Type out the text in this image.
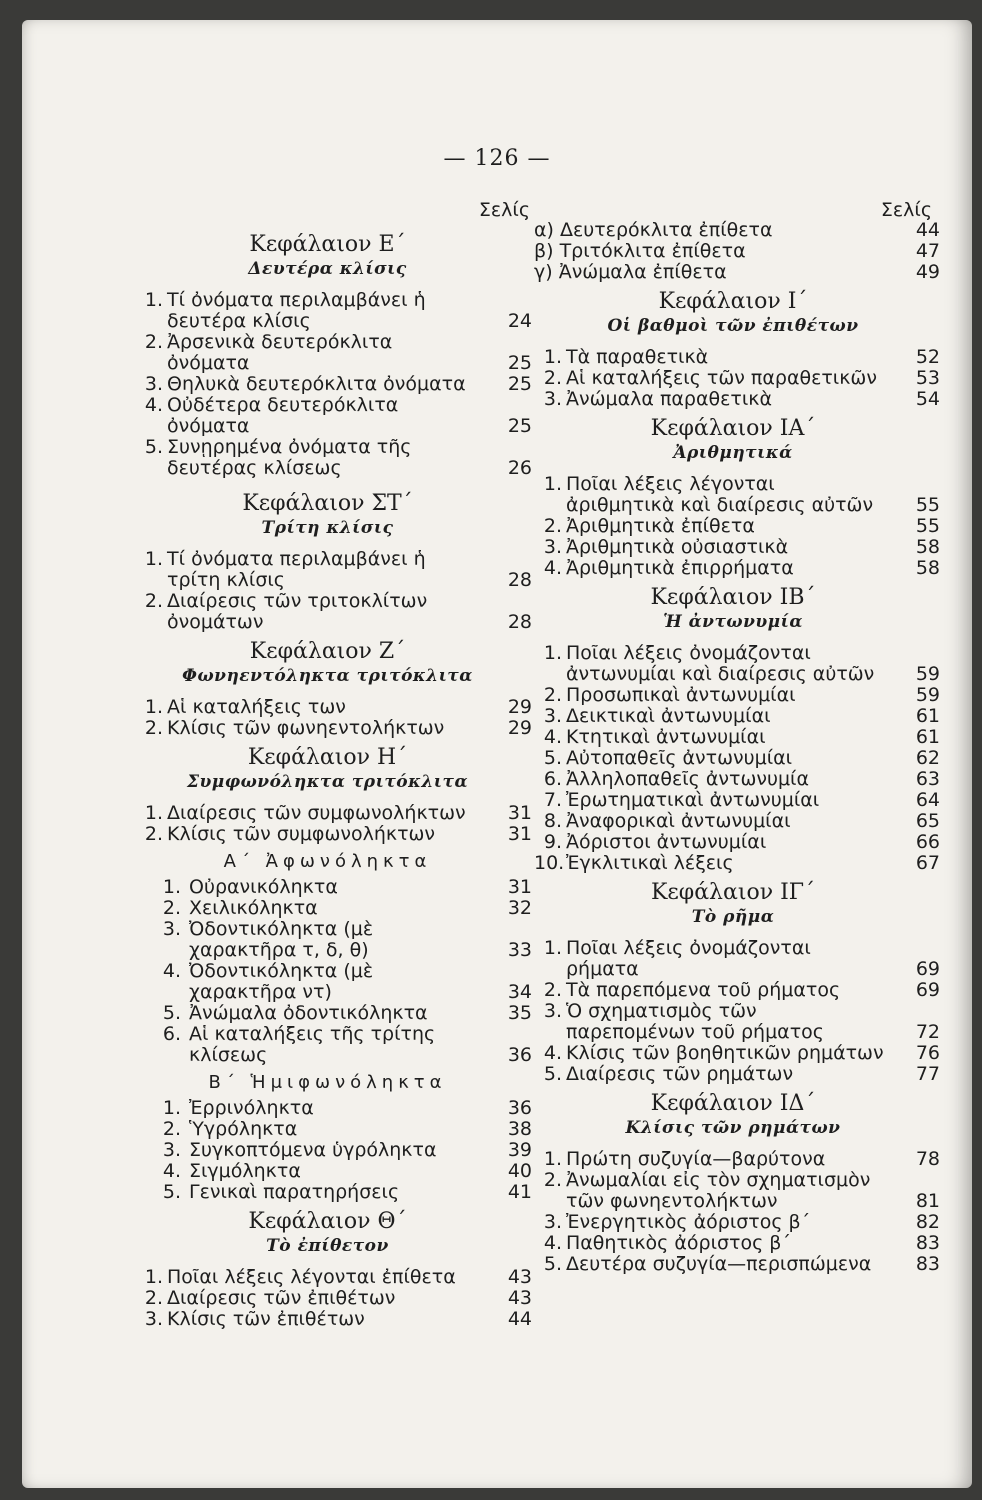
— 126 —
Σελίς
Κεφάλαιον Ε΄
Δευτέρα κλίσις
1. Τί ὀνόματα περιλαμβάνει ἡ δευτέρα κλίσις	24
2. Ἀρσενικὰ δευτερόκλιτα ὀνόματα	25
3. Θηλυκὰ δευτερόκλιτα ὀνόματα	25
4. Οὐδέτερα δευτερόκλιτα ὀνόματα	25
5. Συνῃρημένα ὀνόματα τῆς δευτέρας κλίσεως	26
Κεφάλαιον ΣΤ΄
Τρίτη κλίσις
1. Τί ὀνόματα περιλαμβάνει ἡ τρίτη κλίσις	28
2. Διαίρεσις τῶν τριτοκλίτων ὀνομάτων	28
Κεφάλαιον Ζ΄
Φωνηεντόληκτα τριτόκλιτα
1. Αἱ καταλήξεις των	29
2. Κλίσις τῶν φωνηεντολήκτων	29
Κεφάλαιον Η΄
Συμφωνόληκτα τριτόκλιτα
1. Διαίρεσις τῶν συμφωνολήκτων	31
2. Κλίσις τῶν συμφωνολήκτων	31
Α΄ Ἀφωνόληκτα
1. Οὐρανικόληκτα	31
2. Χειλικόληκτα	32
3. Ὀδοντικόληκτα (μὲ χαρακτῆρα τ, δ, θ)	33
4. Ὀδοντικόληκτα (μὲ χαρακτῆρα ντ)	34
5. Ἀνώμαλα ὀδοντικόληκτα	35
6. Αἱ καταλήξεις τῆς τρίτης κλίσεως	36
Β΄ Ἡμιφωνόληκτα
1. Ἐρρινόληκτα	36
2. Ὑγρόληκτα	38
3. Συγκοπτόμενα ὑγρόληκτα	39
4. Σιγμόληκτα	40
5. Γενικαὶ παρατηρήσεις	41
Κεφάλαιον Θ΄
Τὸ ἐπίθετον
1. Ποῖαι λέξεις λέγονται ἐπίθετα	43
2. Διαίρεσις τῶν ἐπιθέτων	43
3. Κλίσις τῶν ἐπιθέτων	44
Σελίς
α) Δευτερόκλιτα ἐπίθετα	44
β) Τριτόκλιτα ἐπίθετα	47
γ) Ἀνώμαλα ἐπίθετα	49
Κεφάλαιον Ι΄
Οἱ βαθμοὶ τῶν ἐπιθέτων
1. Τὰ παραθετικὰ	52
2. Αἱ καταλήξεις τῶν παραθετικῶν	53
3. Ἀνώμαλα παραθετικὰ	54
Κεφάλαιον ΙΑ΄
Ἀριθμητικά
1. Ποῖαι λέξεις λέγονται ἀριθμητικὰ καὶ διαίρεσις αὐτῶν	55
2. Ἀριθμητικὰ ἐπίθετα	55
3. Ἀριθμητικὰ οὐσιαστικὰ	58
4. Ἀριθμητικὰ ἐπιρρήματα	58
Κεφάλαιον ΙΒ΄
Ἡ ἀντωνυμία
1. Ποῖαι λέξεις ὀνομάζονται ἀντωνυμίαι καὶ διαίρεσις αὐτῶν	59
2. Προσωπικαὶ ἀντωνυμίαι	59
3. Δεικτικαὶ ἀντωνυμίαι	61
4. Κτητικαὶ ἀντωνυμίαι	61
5. Αὐτοπαθεῖς ἀντωνυμίαι	62
6. Ἀλληλοπαθεῖς ἀντωνυμία	63
7. Ἐρωτηματικαὶ ἀντωνυμίαι	64
8. Ἀναφορικαὶ ἀντωνυμίαι	65
9. Ἀόριστοι ἀντωνυμίαι	66
10. Ἐγκλιτικαὶ λέξεις	67
Κεφάλαιον ΙΓ΄
Τὸ ρῆμα
1. Ποῖαι λέξεις ὀνομάζονται ρήματα	69
2. Τὰ παρεπόμενα τοῦ ρήματος	69
3. Ὁ σχηματισμὸς τῶν παρεπομένων τοῦ ρήματος	72
4. Κλίσις τῶν βοηθητικῶν ρημάτων	76
5. Διαίρεσις τῶν ρημάτων	77
Κεφάλαιον ΙΔ΄
Κλίσις τῶν ρημάτων
1. Πρώτη συζυγία—βαρύτονα	78
2. Ἀνωμαλίαι εἰς τὸν σχηματισμὸν τῶν φωνηεντολήκτων	81
3. Ἐνεργητικὸς ἀόριστος β΄	82
4. Παθητικὸς ἀόριστος β΄	83
5. Δευτέρα συζυγία—περισπώμενα	83
